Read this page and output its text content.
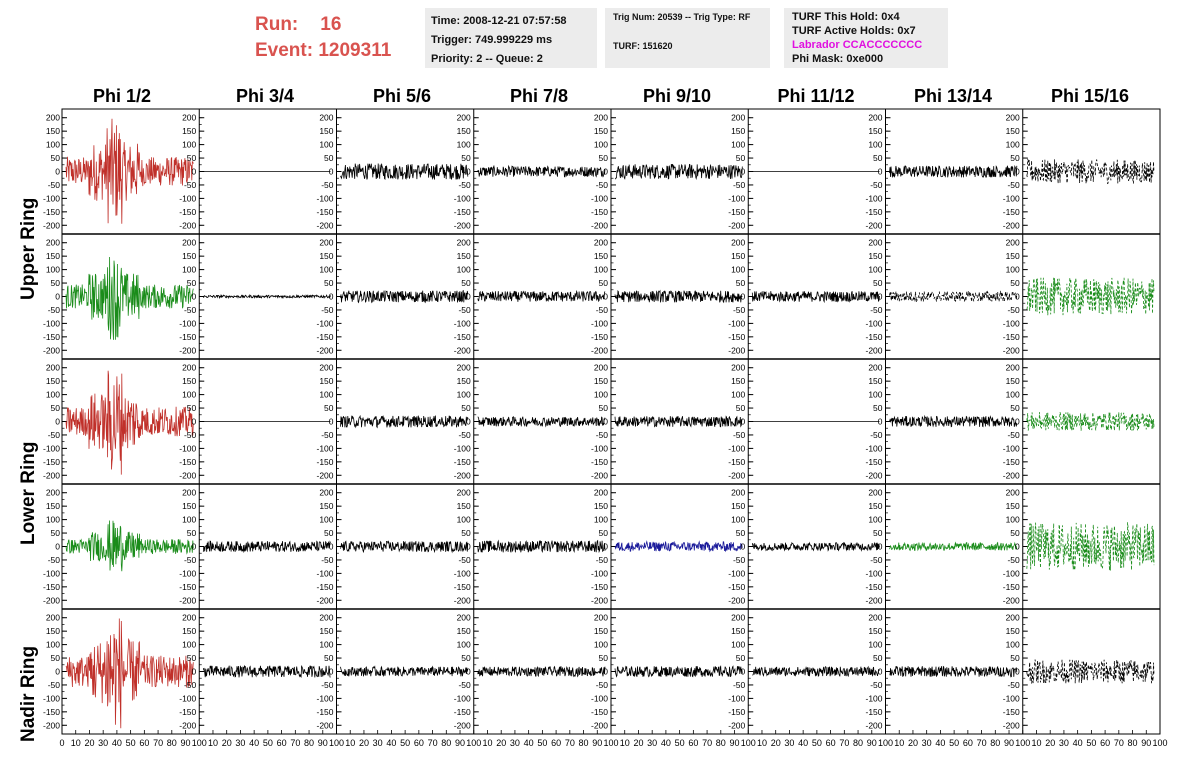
Run: 16
Event: 1209311
Time: 2008-12-21 07:57:58
Trigger: 749.999229 ms
Priority: 2 -- Queue: 2
Trig Num: 20539 -- Trig Type: RF
TURF: 151620
TURF This Hold: 0x4
TURF Active Holds: 0x7
Labrador CCACCCCCCC
Phi Mask: 0xe000
Phi 1/2	Phi 3/4	Phi 5/6	Phi 7/8	Phi 9/10	Phi 11/12	Phi 13/14	Phi 15/16
Upper Ring
Lower Ring
Nadir Ring
-200
-150
-100
-50
0
50
100
150
200
-200
-150
-100
-50
0
50
100
150
200
-200
-150
-100
-50
0
50
100
150
200
-200
-150
-100
-50
0
50
100
150
200
-200
-150
-100
-50
0
50
100
150
200
-200
-150
-100
-50
0
50
100
150
200
-200
-150
-100
-50
0
50
100
150
200
-200
-150
-100
-50
0
50
100
150
200
-200
-150
-100
-50
0
50
100
150
200
-200
-150
-100
-50
0
50
100
150
200
-200
-150
-100
-50
0
50
100
150
200
-200
-150
-100
-50
0
50
100
150
200
-200
-150
-100
-50
0
50
100
150
200
-200
-150
-100
-50
0
50
100
150
200
-200
-150
-100
-50
0
50
100
150
200
-200
-150
-100
-50
0
50
100
150
200
-200
-150
-100
-50
0
50
100
150
200
-200
-150
-100
-50
0
50
100
150
200
-200
-150
-100
-50
0
50
100
150
200
-200
-150
-100
-50
0
50
100
150
200
-200
-150
-100
-50
0
50
100
150
200
-200
-150
-100
-50
0
50
100
150
200
-200
-150
-100
-50
0
50
100
150
200
-200
-150
-100
-50
0
50
100
150
200
-200
-150
-100
-50
0
50
100
150
200
-200
-150
-100
-50
0
50
100
150
200
-200
-150
-100
-50
0
50
100
150
200
-200
-150
-100
-50
0
50
100
150
200
-200
-150
-100
-50
0
50
100
150
200
-200
-150
-100
-50
0
50
100
150
200
-200
-150
-100
-50
0
50
100
150
200
-200
-150
-100
-50
0
50
100
150
200
-200
-150
-100
-50
0
50
100
150
200
-200
-150
-100
-50
0
50
100
150
200
-200
-150
-100
-50
0
50
100
150
200
-200
-150
-100
-50
0
50
100
150
200
-200
-150
-100
-50
0
50
100
150
200
-200
-150
-100
-50
0
50
100
150
200
-200
-150
-100
-50
0
50
100
150
200
-200
-150
-100
-50
0
50
100
150
200
0 10 20 30 40 50 60 70 80 90 100 10 20 30 40 50 60 70 80 90 100 10 20 30 40 50 60 70 80 90 100 10 20 30 40 50 60 70 80 90 100 10 20 30 40 50 60 70 80 90 100 10 20 30 40 50 60 70 80 90 100 10 20 30 40 50 60 70 80 90 100 10 20 30 40 50 60 70 80 90 100
